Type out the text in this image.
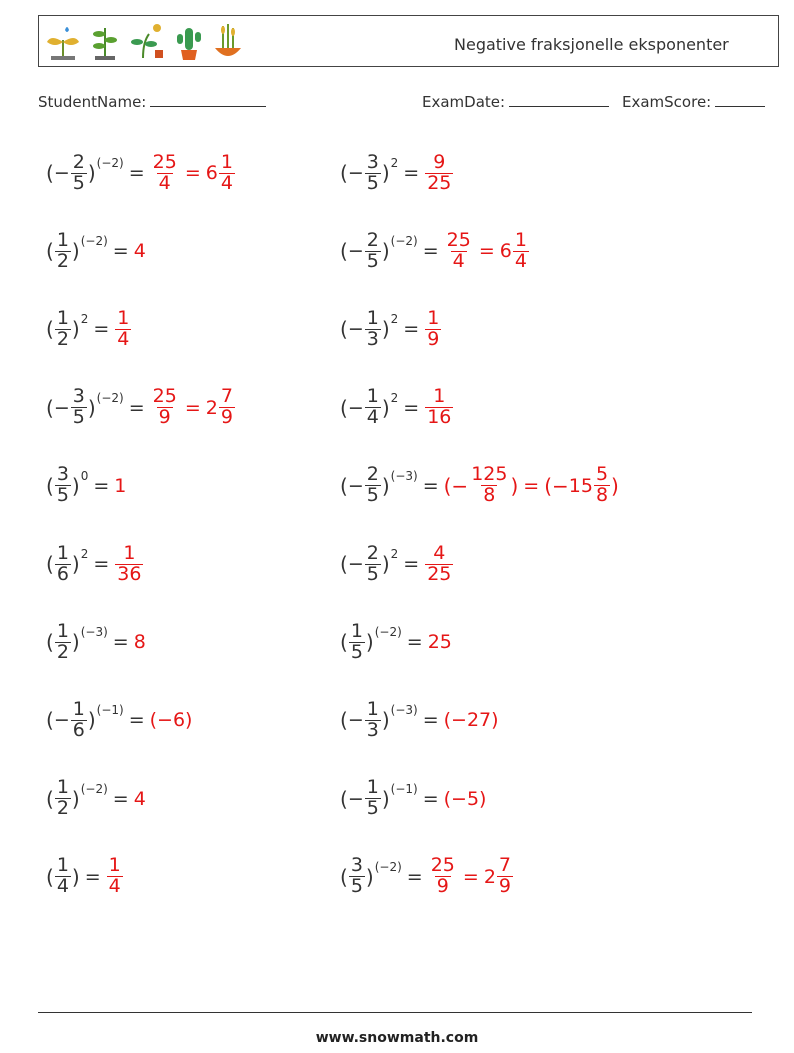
Negative fraksjonelle eksponenter
StudentName:	ExamDate:	ExamScore:
( − $\frac{2}{5}$ ) $(-2) = \frac{25}{4} = 6 \frac{1}{4}$	( − $\frac{3}{5}$ ) $2 = \frac{9}{25}$
( $\frac{1}{2}$ ) (−2) = 4	( − $\frac{2}{5}$ ) $(-2) = \frac{25}{4} = 6 \frac{1}{4}$
( $\frac{1}{2}$ ) $2 = \frac{1}{4}$	( − $\frac{1}{3}$ ) $2 = \frac{1}{9}$
( − $\frac{3}{5}$ ) $(-2) = \frac{25}{9} = 2 \frac{7}{9}$	( − $\frac{1}{4}$ ) $2 = \frac{1}{16}$
( $\frac{3}{5}$ ) 0 = 1	( − $\frac{2}{5}$ ) (−3) = (− $\frac{125}{8}$ ) = (− $15 \frac{5}{8}$ )
( $\frac{1}{6}$ ) $2 = \frac{1}{36}$	( − $\frac{2}{5}$ ) $2 = \frac{4}{25}$
( $\frac{1}{2}$ ) (−3) = 8	( $\frac{1}{5}$ ) (−2) = 25
( − $\frac{1}{6}$ ) (−1) = (−6)	( − $\frac{1}{3}$ ) (−3) = (−27)
( $\frac{1}{2}$ ) (−2) = 4	( − $\frac{1}{5}$ ) (−1) = (−5)
( $\frac{1}{4}$ ) = $\frac{1}{4}$	( $\frac{3}{5}$ ) $(-2) = \frac{25}{9} = 2 \frac{7}{9}$
www.snowmath.com
